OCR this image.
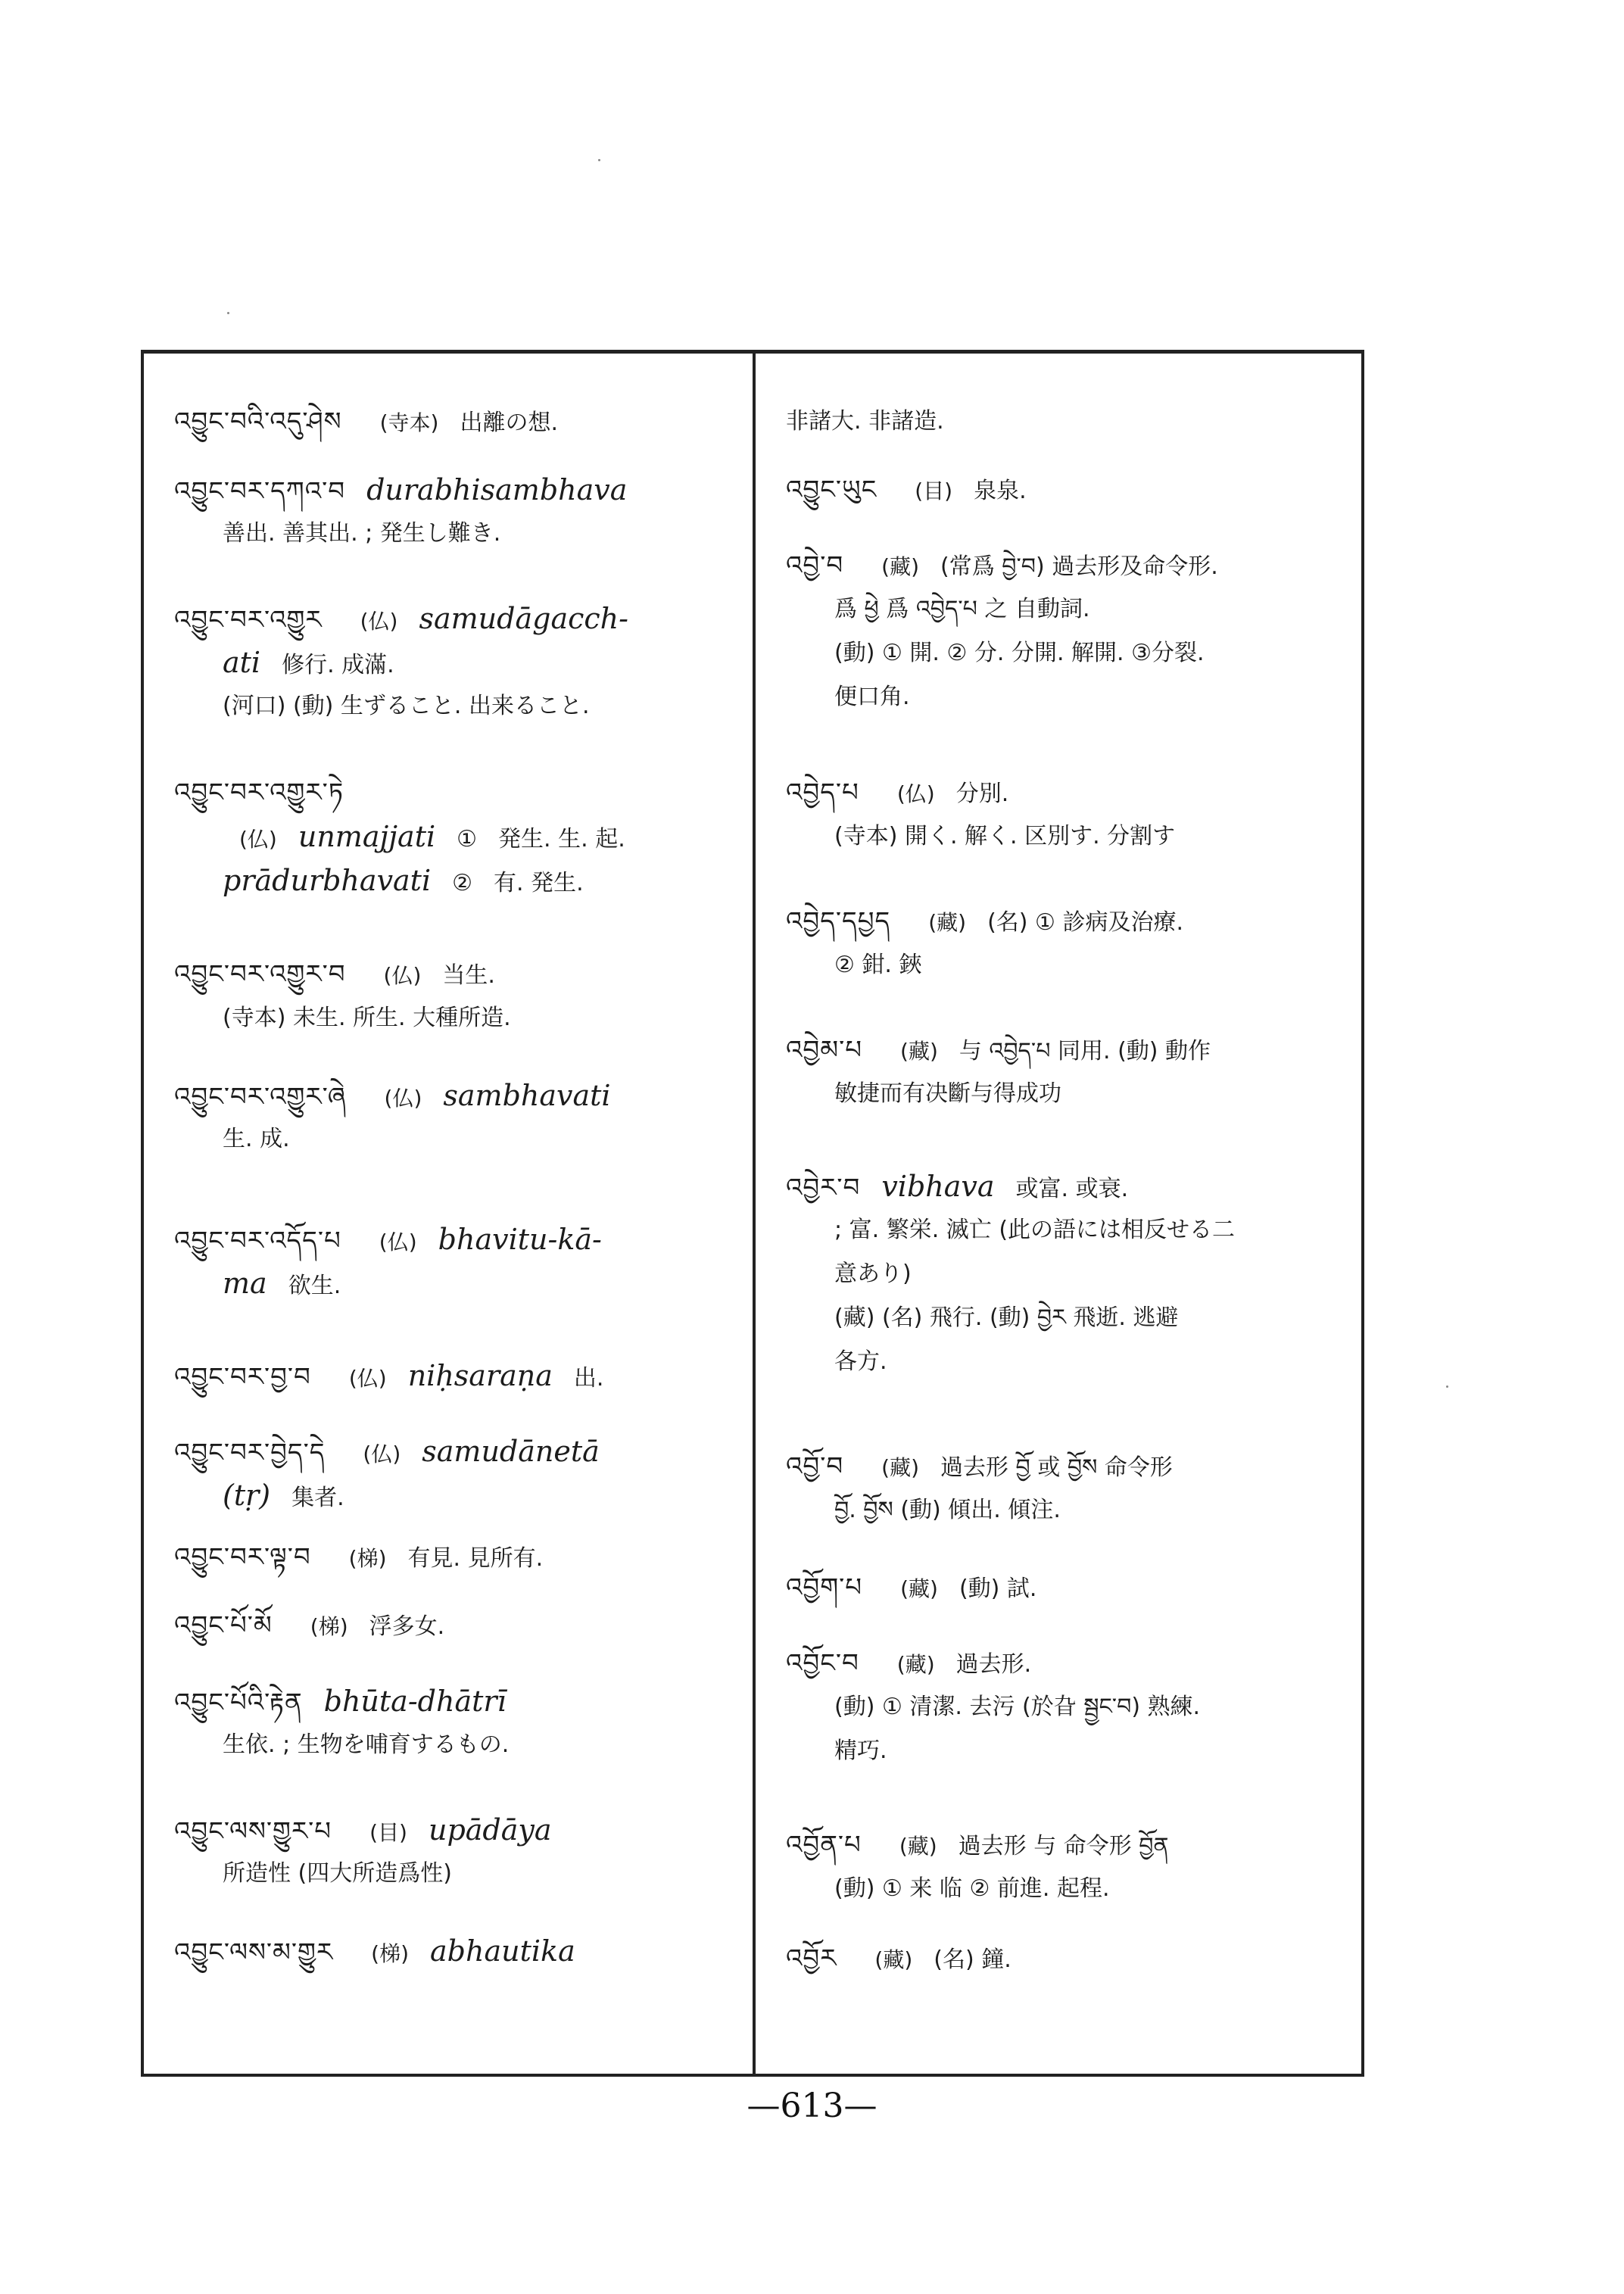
འབྱུང་བའི་འདུ་ཤེས (寺本) 出離の想.
འབྱུང་བར་དཀའ་བ durabhisambhava
善出. 善其出. ; 発生し難き.
འབྱུང་བར་འགྱུར (仏) samudāgacch-
ati 修行. 成滿.
(河口) (動) 生ずること. 出来ること.
འབྱུང་བར་འགྱུར་ཏེ
(仏) unmajjati ① 発生. 生. 起.
prādurbhavati ② 有. 発生.
འབྱུང་བར་འགྱུར་བ (仏) 当生.
(寺本) 未生. 所生. 大種所造.
འབྱུང་བར་འགྱུར་ཞེ (仏) sambhavati
生. 成.
འབྱུང་བར་འདོད་པ (仏) bhavitu-kā-
ma 欲生.
འབྱུང་བར་བྱ་བ (仏) niḥsaraṇa 出.
འབྱུང་བར་བྱེད་དེ (仏) samudānetā
(tṛ) 集者.
འབྱུང་བར་ལྟ་བ (梯) 有見. 見所有.
འབྱུང་པོ་མོ (梯) 浮多女.
འབྱུང་པོའི་རྟེན bhūta-dhātrī
生依. ; 生物を哺育するもの.
འབྱུང་ལས་གྱུར་པ (目) upādāya
所造性 (四大所造爲性)
འབྱུང་ལས་མ་གྱུར (梯) abhautika
非諸大. 非諸造.
འབྱུང་ཡུང (目) 泉泉.
འབྱེ་བ (藏) (常爲 བྱེ་བ) 過去形及命令形.
爲 ཕྱེ 爲 འབྱེད་པ 之 自動詞.
(動) ① 開. ② 分. 分開. 解開. ③分裂.
便口角.
འབྱེད་པ (仏) 分別.
(寺本) 開く. 解く. 区別す. 分割す
འབྱེད་དཔྱད (藏) (名) ① 診病及治療.
② 鉗. 鋏
འབྱེམ་པ (藏) 与 འབྱེད་པ 同用. (動) 動作
敏捷而有决斷与得成功
འབྱེར་བ vibhava 或富. 或衰.
; 富. 繁栄. 滅亡 (此の語には相反せる二
意あり)
(藏) (名) 飛行. (動) བྱེར 飛逝. 逃避
各方.
འབྱོ་བ (藏) 過去形 བྱོ 或 བྱོས 命令形
བྱོ. བྱོས (動) 傾出. 傾注.
འབྱོག་པ (藏) (動) 試.
འབྱོང་བ (藏) 過去形.
(動) ① 清潔. 去污 (於旮 སྦྱང་བ) 熟練.
精巧.
འབྱོན་པ (藏) 過去形 与 命令形 བྱོན
(動) ① 来 临 ② 前進. 起程.
འབྱོར (藏) (名) 鐘.
—613—
